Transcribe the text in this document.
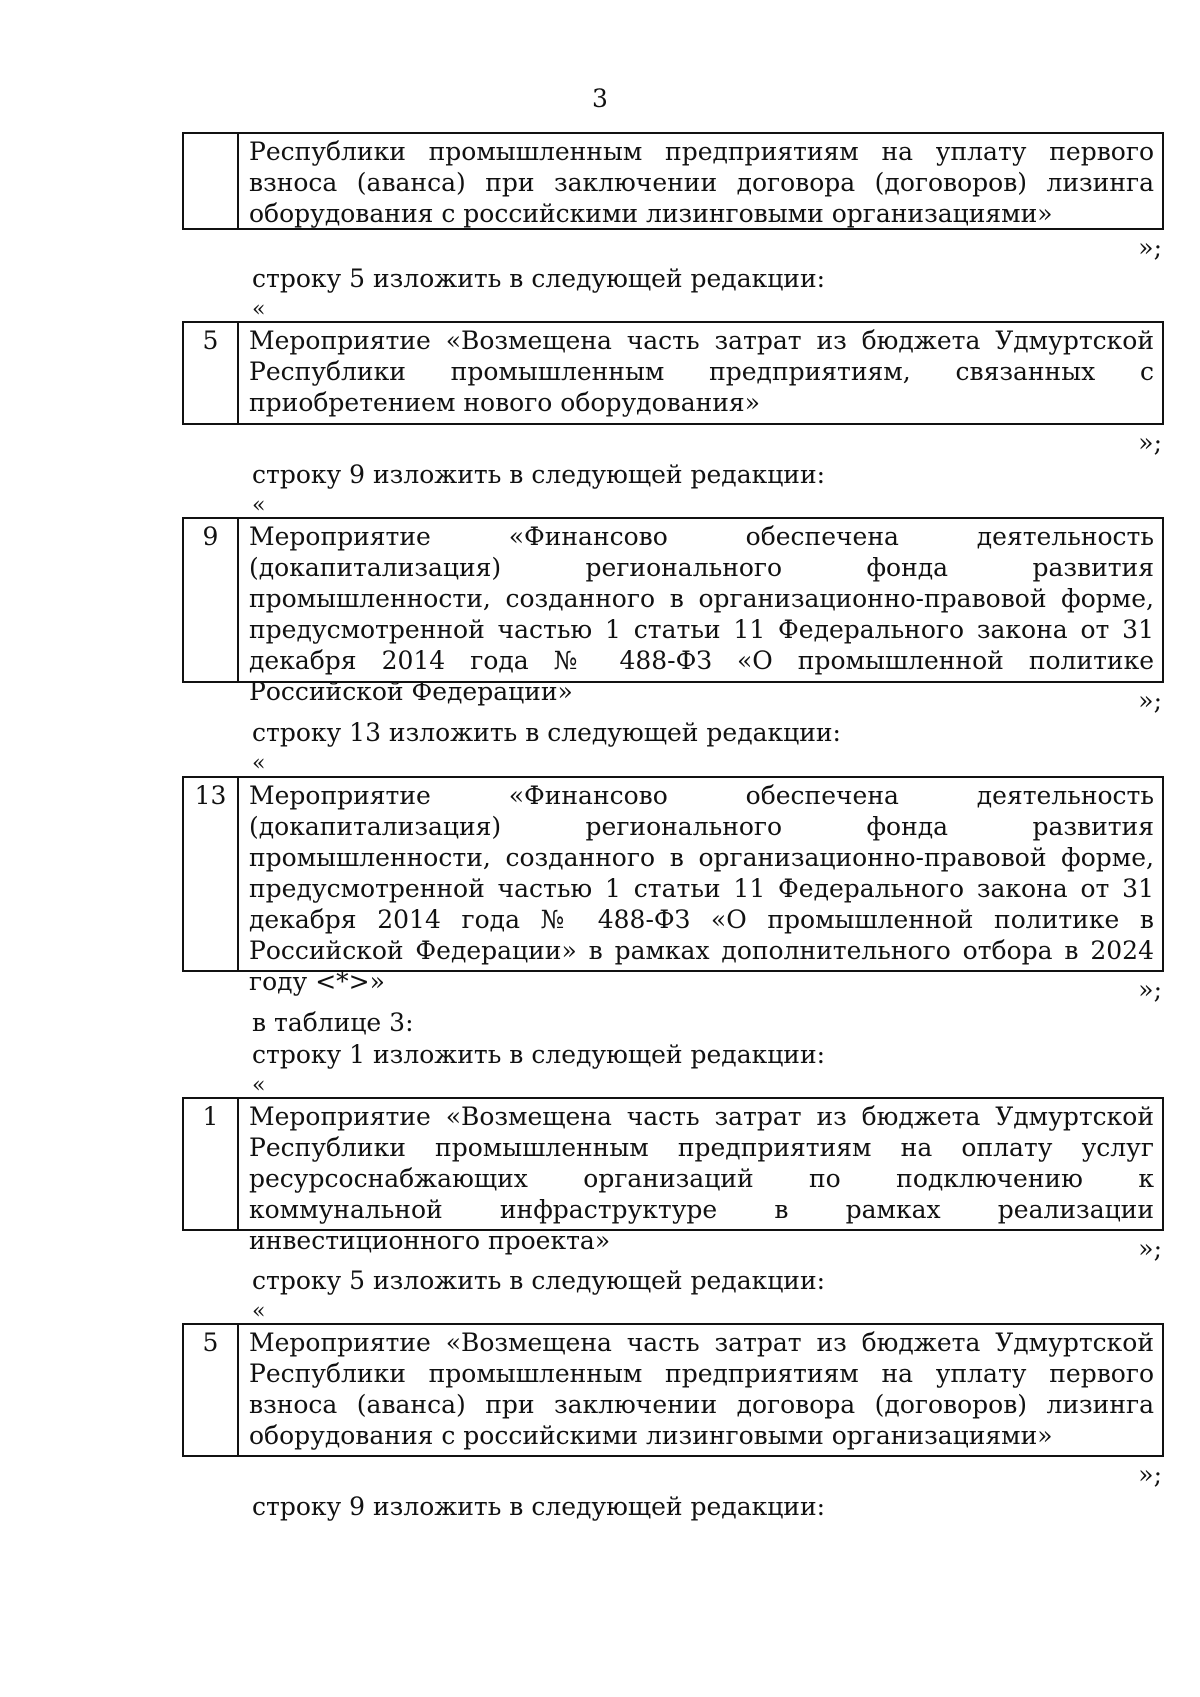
3
Республики промышленным предприятиям на уплату первого взноса (аванса) при заключении договора (договоров) лизинга оборудования с российскими лизинговыми организациями»
»;
строку 5 изложить в следующей редакции:
«
5	Мероприятие «Возмещена часть затрат из бюджета Удмуртской Республики промышленным предприятиям, связанных с приобретением нового оборудования»
»;
строку 9 изложить в следующей редакции:
«
9	Мероприятие «Финансово обеспечена деятельность (докапитализация) регионального фонда развития промышленности, созданного в организационно-правовой форме, предусмотренной частью 1 статьи 11 Федерального закона от 31 декабря 2014 года № 488-ФЗ «О промышленной политике Российской Федерации»	»;
строку 13 изложить в следующей редакции:
«
13 Мероприятие «Финансово обеспечена деятельность (докапитализация) регионального фонда развития промышленности, созданного в организационно-правовой форме, предусмотренной частью 1 статьи 11 Федерального закона от 31 декабря 2014 года № 488-ФЗ «О промышленной политике в Российской Федерации» в рамках дополнительного отбора в 2024 году <*>»	»;
в таблице 3:
строку 1 изложить в следующей редакции:
«
1	Мероприятие «Возмещена часть затрат из бюджета Удмуртской Республики промышленным предприятиям на оплату услуг ресурсоснабжающих организаций по подключению к коммунальной инфраструктуре в рамках реализации инвестиционного проекта»	»;
строку 5 изложить в следующей редакции:
«
5	Мероприятие «Возмещена часть затрат из бюджета Удмуртской Республики промышленным предприятиям на уплату первого взноса (аванса) при заключении договора (договоров) лизинга оборудования с российскими лизинговыми организациями»
»;
строку 9 изложить в следующей редакции:
